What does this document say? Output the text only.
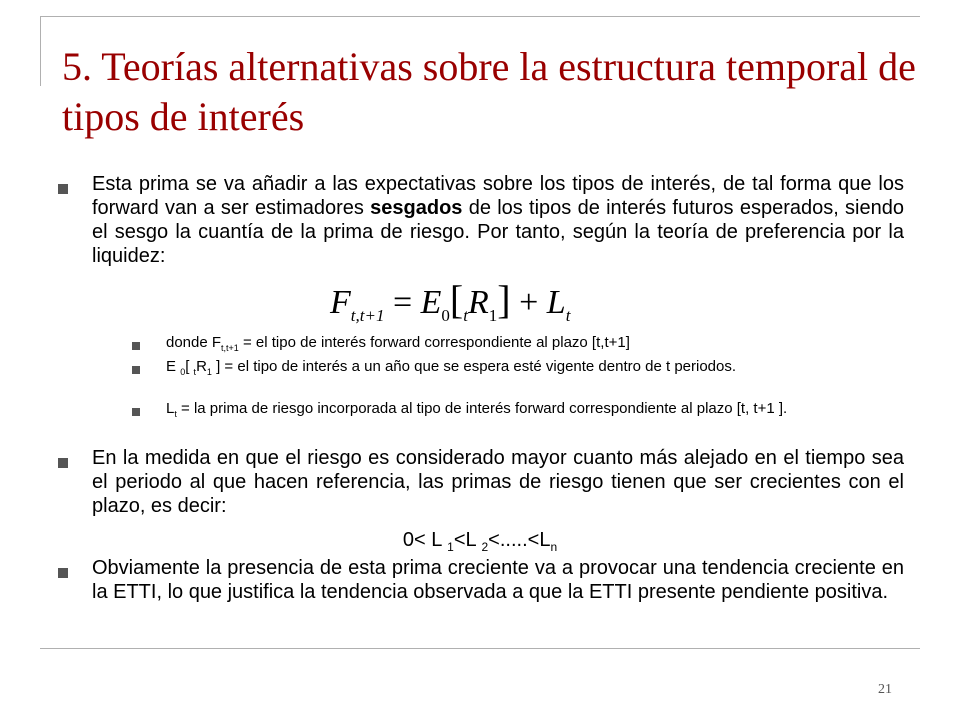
5. Teorías alternativas sobre la estructura temporal de tipos de interés

Esta prima se va añadir a las expectativas sobre los tipos de interés, de tal forma que los forward van a ser estimadores sesgados de los tipos de interés futuros esperados, siendo el sesgo la cuantía de la prima de riesgo. Por tanto, según la teoría de preferencia por la liquidez:

$F_{t,t+1} = E_0[_tR_1] + L_t$

donde $F_{t,t+1}$ = el tipo de interés forward correspondiente al plazo [t,t+1]

E $_0$[ $_tR_1$ ] = el tipo de interés a un año que se espera esté vigente dentro de t periodos.

$L_t$ = la prima de riesgo incorporada al tipo de interés forward correspondiente al plazo [t, t+1 ].

En la medida en que el riesgo es considerado mayor cuanto más alejado en el tiempo sea el periodo al que hacen referencia, las primas de riesgo tienen que ser crecientes con el plazo, es decir:

0< L $_1$<L $_2<.....<L_n$

Obviamente la presencia de esta prima creciente va a provocar una tendencia creciente en la ETTI, lo que justifica la tendencia observada a que la ETTI presente pendiente positiva.

21
